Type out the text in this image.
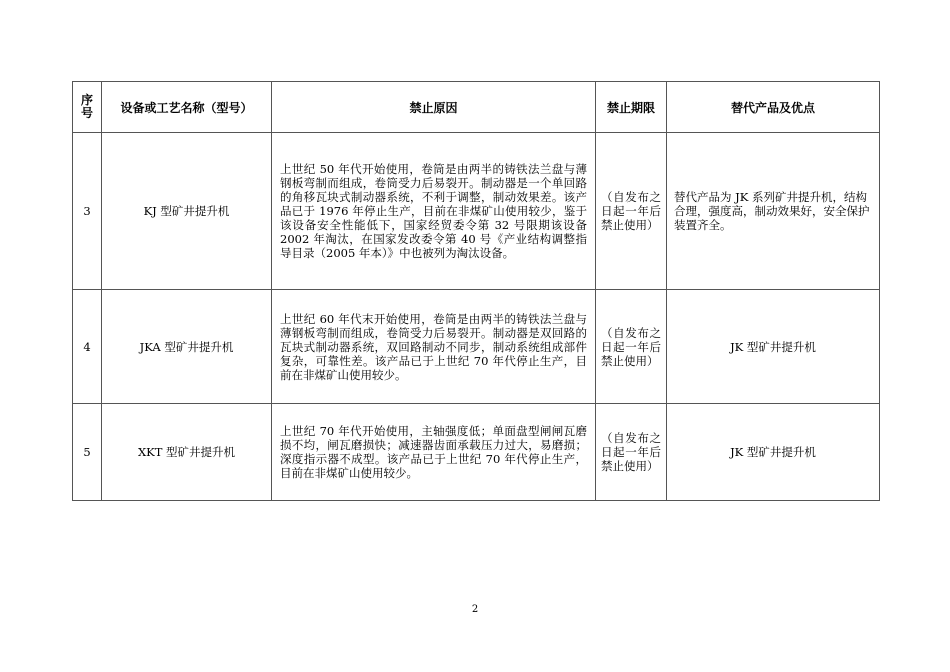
序号	设备或工艺名称（型号）	禁止原因	禁止期限	替代产品及优点
3	KJ 型矿井提升机	上世纪 50 年代开始使用，卷筒是由两半的铸铁法兰盘与薄钢板弯制而组成，卷筒受力后易裂开。制动器是一个单回路的角移瓦块式制动器系统，不利于调整，制动效果差。该产品已于 1976 年停止生产，目前在非煤矿山使用较少，鉴于该设备安全性能低下，国家经贸委令第 32 号限期该设备 2002 年淘汰，在国家发改委令第 40 号《产业结构调整指导目录（2005 年本）》中也被列为淘汰设备。	（自发布之日起一年后禁止使用）	替代产品为 JK 系列矿井提升机，结构合理，强度高，制动效果好，安全保护装置齐全。
4	JKA 型矿井提升机	上世纪 60 年代末开始使用，卷筒是由两半的铸铁法兰盘与薄钢板弯制而组成，卷筒受力后易裂开。制动器是双回路的瓦块式制动器系统，双回路制动不同步，制动系统组成部件复杂，可靠性差。该产品已于上世纪 70 年代停止生产，目前在非煤矿山使用较少。	（自发布之日起一年后禁止使用）	JK 型矿井提升机
5	XKT 型矿井提升机	上世纪 70 年代开始使用，主轴强度低；单面盘型闸闸瓦磨损不均，闸瓦磨损快；减速器齿面承载压力过大，易磨损；深度指示器不成型。该产品已于上世纪 70 年代停止生产，目前在非煤矿山使用较少。	（自发布之日起一年后禁止使用）	JK 型矿井提升机
2
